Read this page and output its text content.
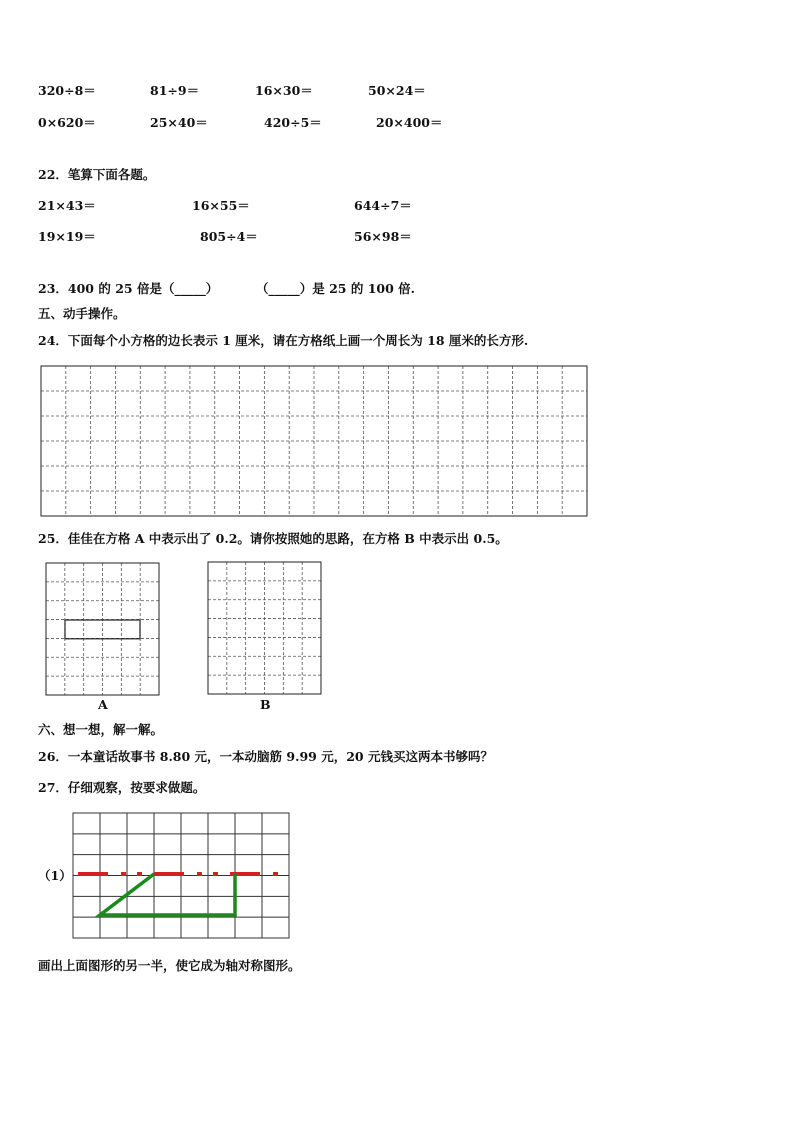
320÷8＝	81÷9＝	16×30＝	50×24＝
0×620＝	25×40＝	420÷5＝	20×400＝
22．笔算下面各题。
21×43＝	16×55＝	644÷7＝
19×19＝	805÷4＝	56×98＝
23．400 的 25 倍是（_____）	（_____）是 25 的 100 倍.
五、动手操作。
24．下面每个小方格的边长表示 1 厘米，请在方格纸上画一个周长为 18 厘米的长方形.
25．佳佳在方格 A 中表示出了 0.2。请你按照她的思路，在方格 B 中表示出 0.5。
A	B
六、想一想，解一解。
26．一本童话故事书 8.80 元，一本动脑筋 9.99 元，20 元钱买这两本书够吗？
27．仔细观察，按要求做题。
（1）
画出上面图形的另一半，使它成为轴对称图形。
